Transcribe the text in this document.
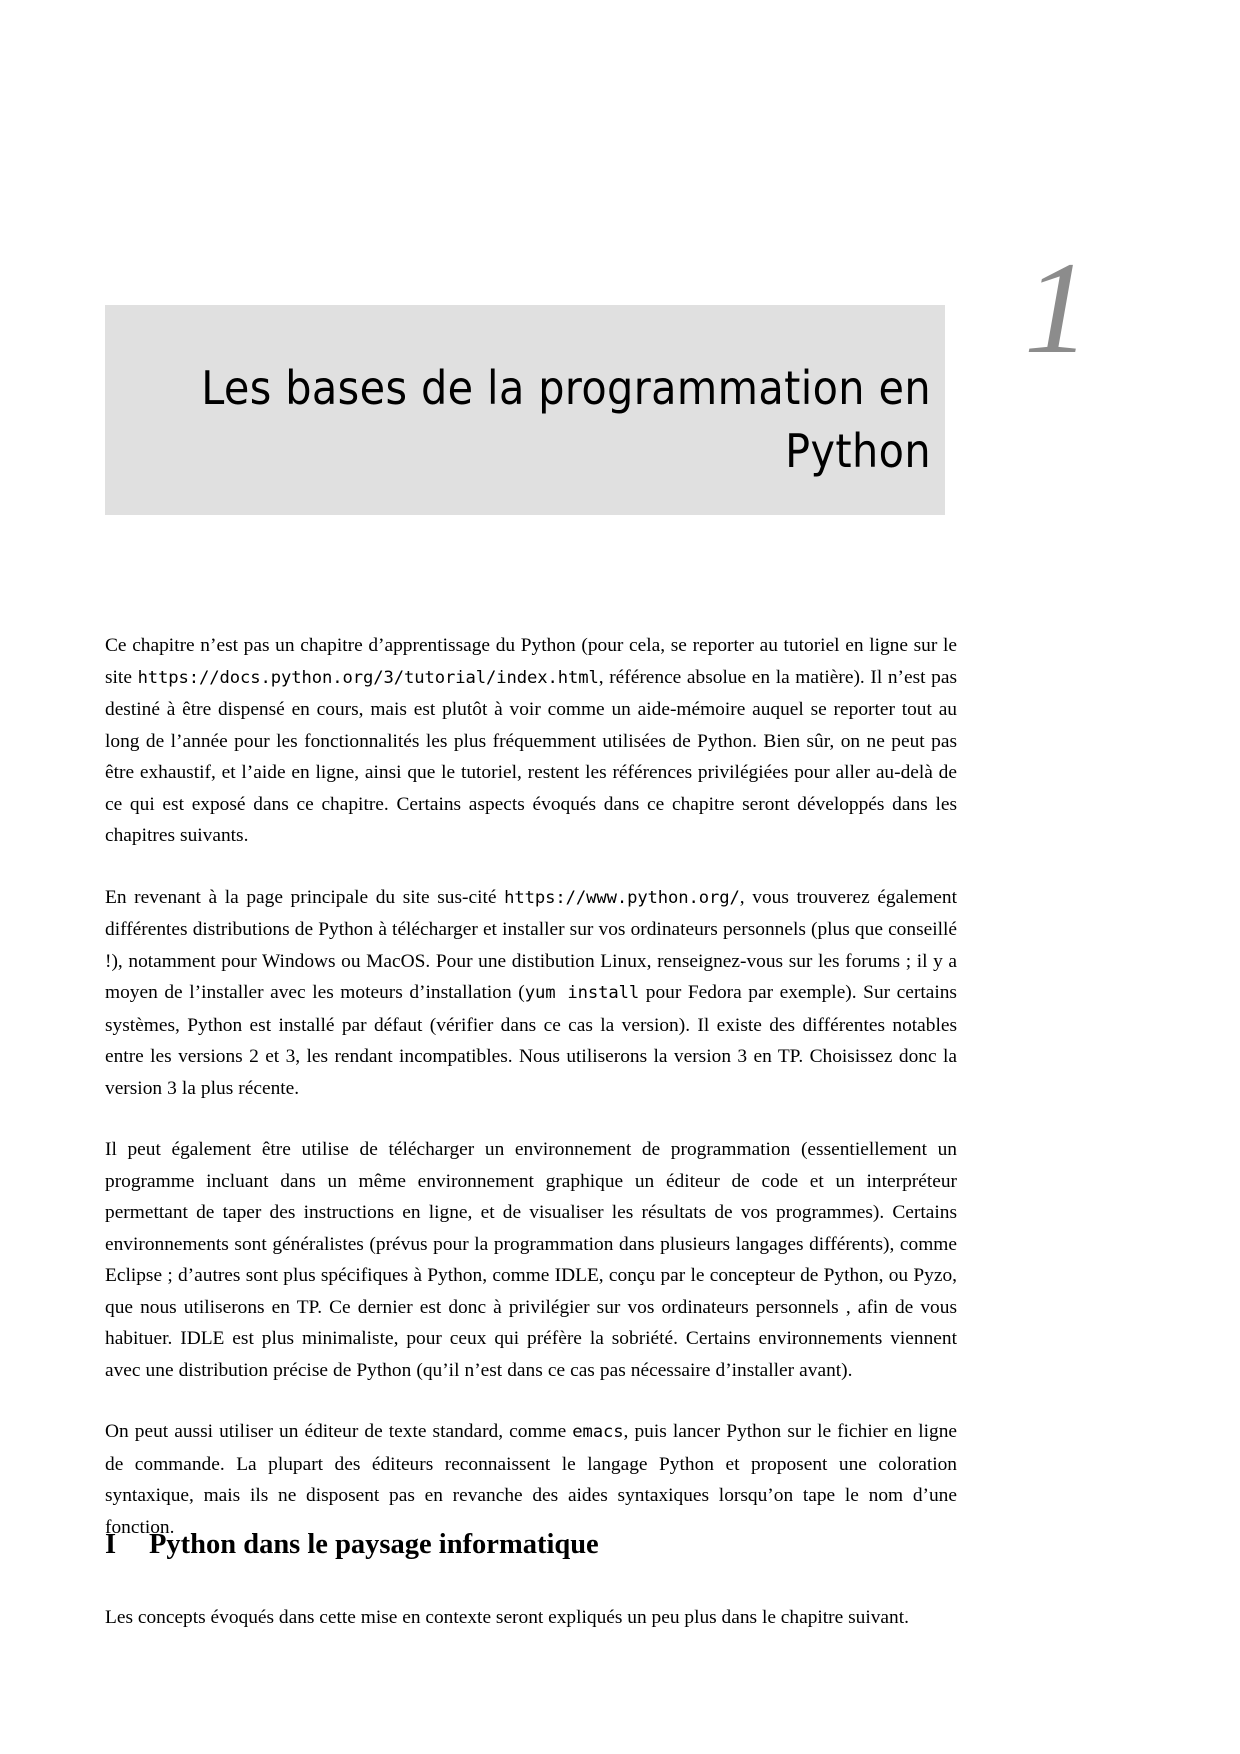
1
Les bases de la programmation en
Python

Ce chapitre n’est pas un chapitre d’apprentissage du Python (pour cela, se reporter au tutoriel en ligne sur le site https://docs.python.org/3/tutorial/index.html, référence absolue en la matière). Il n’est pas destiné à être dispensé en cours, mais est plutôt à voir comme un aide-mémoire auquel se reporter tout au long de l’année pour les fonctionnalités les plus fréquemment utilisées de Python. Bien sûr, on ne peut pas être exhaustif, et l’aide en ligne, ainsi que le tutoriel, restent les références privilégiées pour aller au-delà de ce qui est exposé dans ce chapitre. Certains aspects évoqués dans ce chapitre seront développés dans les chapitres suivants.

En revenant à la page principale du site sus-cité https://www.python.org/, vous trouverez également différentes distributions de Python à télécharger et installer sur vos ordinateurs personnels (plus que conseillé !), notamment pour Windows ou MacOS. Pour une distibution Linux, renseignez-vous sur les forums ; il y a moyen de l’installer avec les moteurs d’installation (yum install pour Fedora par exemple). Sur certains systèmes, Python est installé par défaut (vérifier dans ce cas la version). Il existe des différentes notables entre les versions 2 et 3, les rendant incompatibles. Nous utiliserons la version 3 en TP. Choisissez donc la version 3 la plus récente.

Il peut également être utilise de télécharger un environnement de programmation (essentiellement un programme incluant dans un même environnement graphique un éditeur de code et un interpréteur permettant de taper des instructions en ligne, et de visualiser les résultats de vos programmes). Certains environnements sont généralistes (prévus pour la programmation dans plusieurs langages différents), comme Eclipse ; d’autres sont plus spécifiques à Python, comme IDLE, conçu par le concepteur de Python, ou Pyzo, que nous utiliserons en TP. Ce dernier est donc à privilégier sur vos ordinateurs personnels , afin de vous habituer. IDLE est plus minimaliste, pour ceux qui préfère la sobriété. Certains environnements viennent avec une distribution précise de Python (qu’il n’est dans ce cas pas nécessaire d’installer avant).

On peut aussi utiliser un éditeur de texte standard, comme emacs, puis lancer Python sur le fichier en ligne de commande. La plupart des éditeurs reconnaissent le langage Python et proposent une coloration syntaxique, mais ils ne disposent pas en revanche des aides syntaxiques lorsqu’on tape le nom d’une fonction.

I Python dans le paysage informatique
Les concepts évoqués dans cette mise en contexte seront expliqués un peu plus dans le chapitre suivant.
